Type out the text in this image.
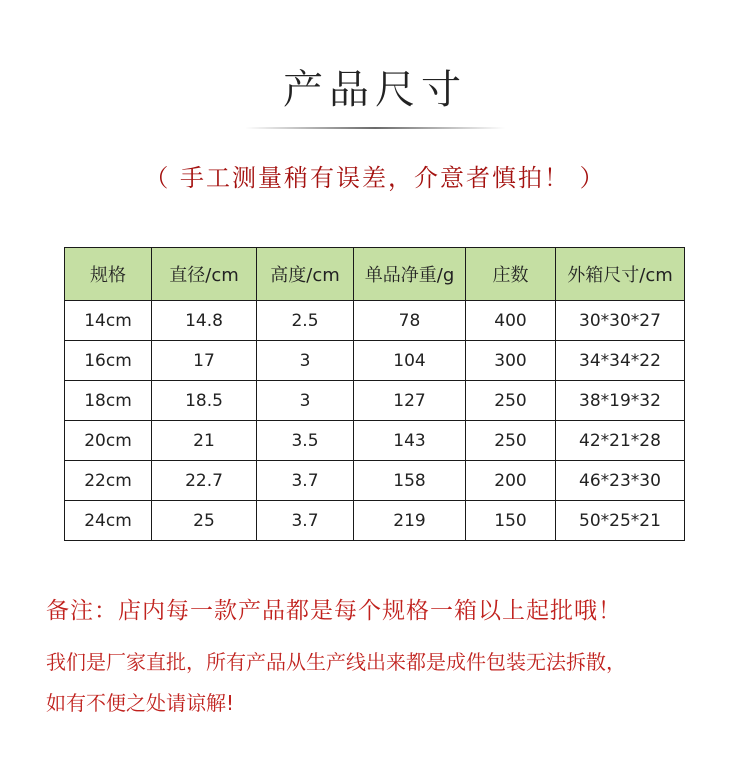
产品尺寸
（ 手工测量稍有误差，介意者慎拍！ ）
规格	直径/cm	高度/cm	单品净重/g	庄数	外箱尺寸/cm
14cm	14.8	2.5	78	400	30*30*27
16cm	17	3	104	300	34*34*22
18cm	18.5	3	127	250	38*19*32
20cm	21	3.5	143	250	42*21*28
22cm	22.7	3.7	158	200	46*23*30
24cm	25	3.7	219	150	50*25*21
备注：店内每一款产品都是每个规格一箱以上起批哦！
我们是厂家直批，所有产品从生产线出来都是成件包装无法拆散，
如有不便之处请谅解!
